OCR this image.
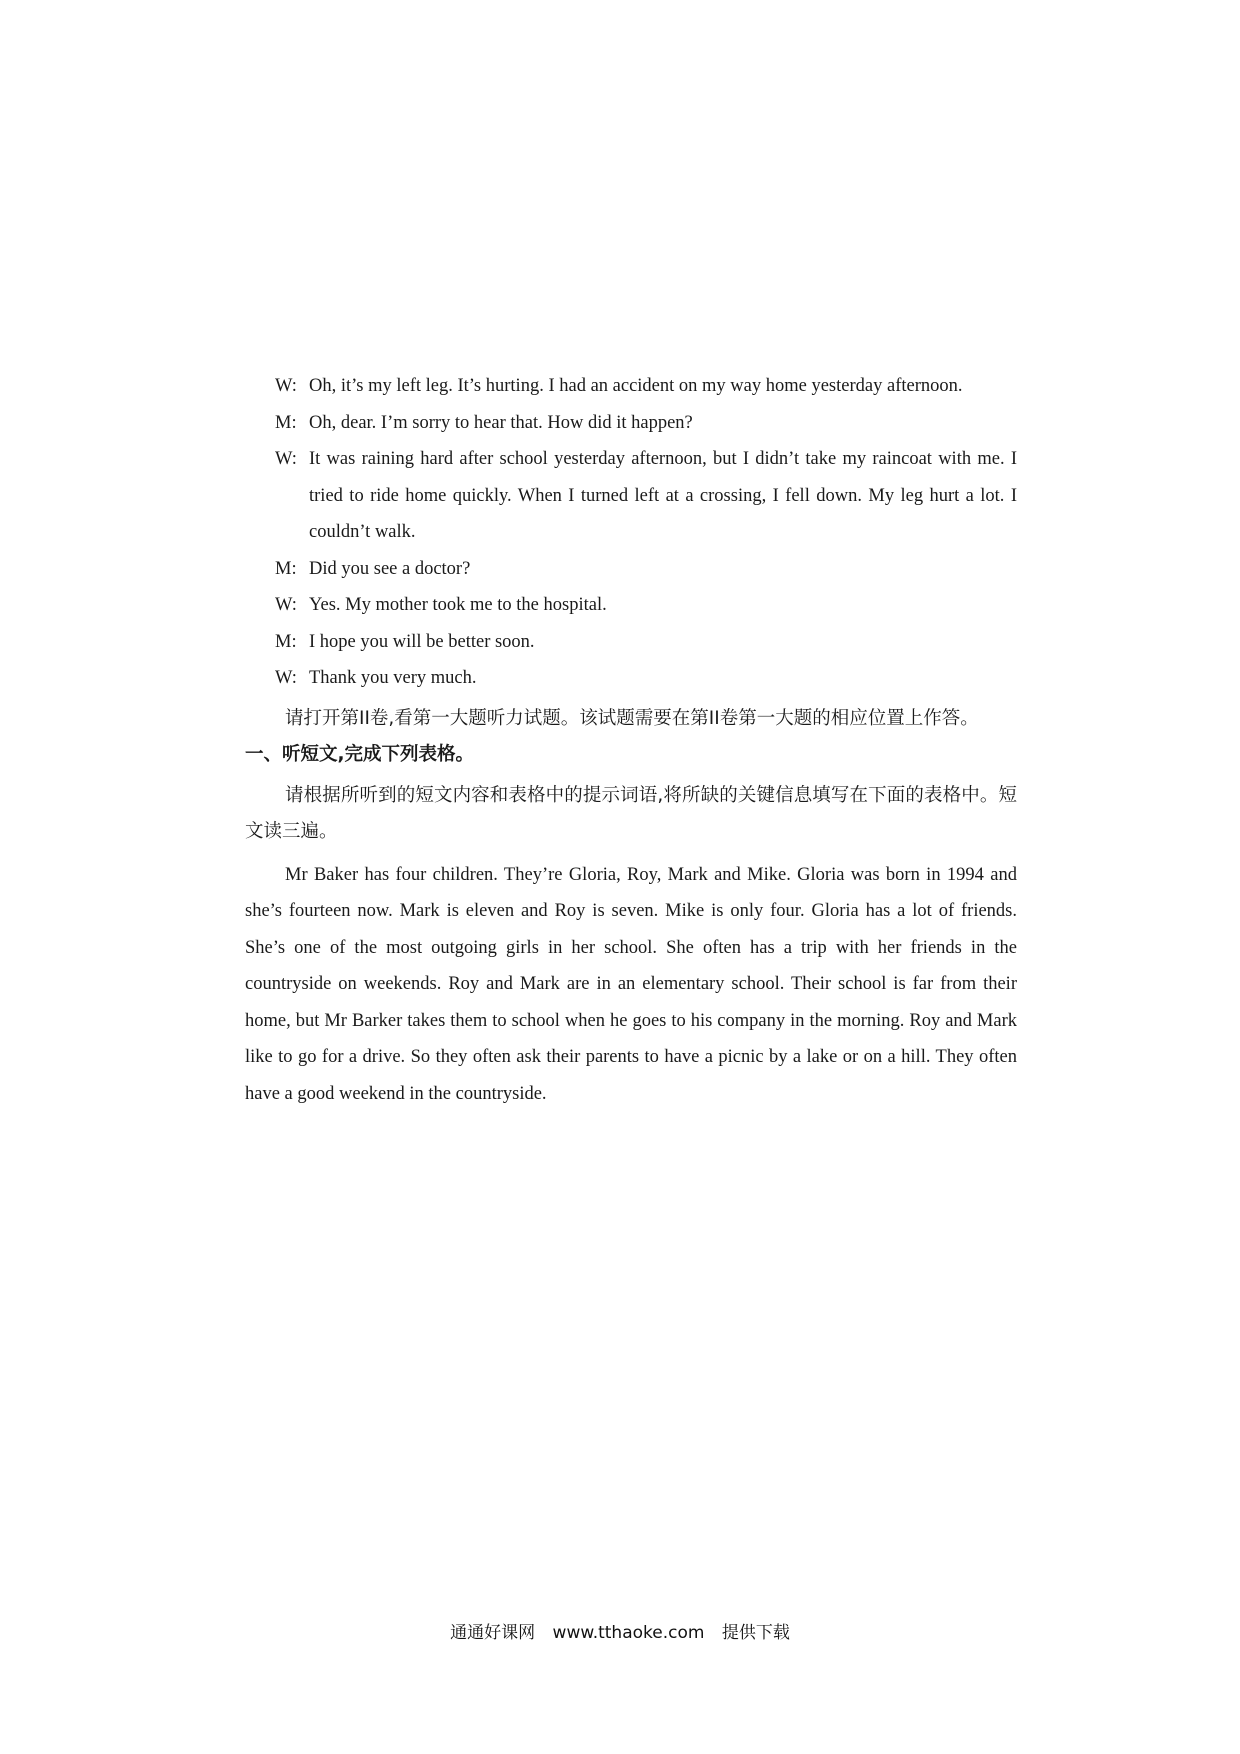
W: Oh, it’s my left leg. It’s hurting. I had an accident on my way home yesterday afternoon.
M: Oh, dear. I’m sorry to hear that. How did it happen?
W: It was raining hard after school yesterday afternoon, but I didn’t take my raincoat with me. I tried to ride home quickly. When I turned left at a crossing, I fell down. My leg hurt a lot. I couldn’t walk.
M: Did you see a doctor?
W: Yes. My mother took me to the hospital.
M: I hope you will be better soon.
W: Thank you very much.

请打开第II卷,看第一大题听力试题。该试题需要在第II卷第一大题的相应位置上作答。

一、听短文,完成下列表格。

请根据所听到的短文内容和表格中的提示词语,将所缺的关键信息填写在下面的表格中。短文读三遍。

Mr Baker has four children. They’re Gloria, Roy, Mark and Mike. Gloria was born in 1994 and she’s fourteen now. Mark is eleven and Roy is seven. Mike is only four. Gloria has a lot of friends. She’s one of the most outgoing girls in her school. She often has a trip with her friends in the countryside on weekends. Roy and Mark are in an elementary school. Their school is far from their home, but Mr Barker takes them to school when he goes to his company in the morning. Roy and Mark like to go for a drive. So they often ask their parents to have a picnic by a lake or on a hill. They often have a good weekend in the countryside.

通通好课网 www.tthaoke.com 提供下载
